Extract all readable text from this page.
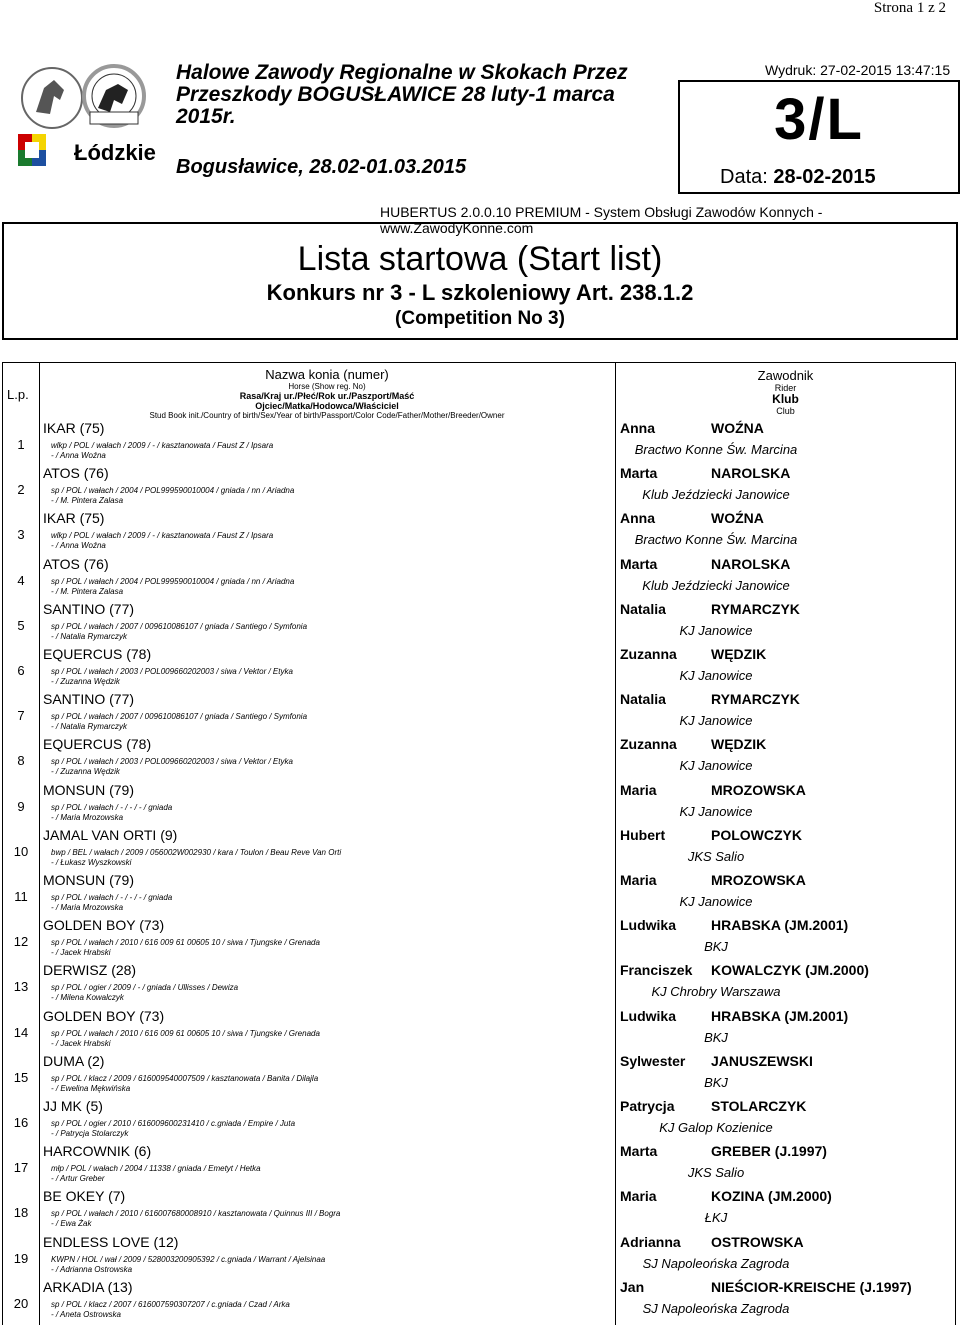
Strona 1 z 2
Łódzkie
Halowe Zawody Regionalne w Skokach Przez Przeszkody BOGUSŁAWICE 28 luty-1 marca 2015r.
Bogusławice, 28.02-01.03.2015
Wydruk: 27-02-2015 13:47:15
3/L
Data: 28-02-2015
HUBERTUS 2.0.0.10 PREMIUM - System Obsługi Zawodów Konnych - www.ZawodyKonne.com
Lista startowa (Start list)
Konkurs nr 3 - L szkoleniowy Art. 238.1.2
(Competition No 3)
L.p.
Nazwa konia (numer)
Horse (Show reg. No)
Rasa/Kraj ur./Płeć/Rok ur./Paszport/Maść
Ojciec/Matka/Hodowca/Właściciel
Stud Book init./Country of birth/Sex/Year of birth/Passport/Color Code/Father/Mother/Breeder/Owner
Zawodnik
Rider
Klub
Club
1
IKAR (75)
wlkp / POL / wałach / 2009 / - / kasztanowata / Faust Z / Ipsara
- / Anna Woźna
Anna	WOŹNA
Bractwo Konne Św. Marcina
2
ATOS (76)
sp / POL / wałach / 2004 / POL999590010004 / gniada / nn / Ariadna
- / M. Pintera Zalasa
Marta	NAROLSKA
Klub Jeździecki Janowice
3
IKAR (75)
wlkp / POL / wałach / 2009 / - / kasztanowata / Faust Z / Ipsara
- / Anna Woźna
Anna	WOŹNA
Bractwo Konne Św. Marcina
4
ATOS (76)
sp / POL / wałach / 2004 / POL999590010004 / gniada / nn / Ariadna
- / M. Pintera Zalasa
Marta	NAROLSKA
Klub Jeździecki Janowice
5
SANTINO (77)
sp / POL / wałach / 2007 / 009610086107 / gniada / Santiego / Symfonia
- / Natalia Rymarczyk
Natalia	RYMARCZYK
KJ Janowice
6
EQUERCUS (78)
sp / POL / wałach / 2003 / POL009660202003 / siwa / Vektor / Etyka
- / Zuzanna Wędzik
Zuzanna WĘDZIK
KJ Janowice
7
SANTINO (77)
sp / POL / wałach / 2007 / 009610086107 / gniada / Santiego / Symfonia
- / Natalia Rymarczyk
Natalia	RYMARCZYK
KJ Janowice
8
EQUERCUS (78)
sp / POL / wałach / 2003 / POL009660202003 / siwa / Vektor / Etyka
- / Zuzanna Wędzik
Zuzanna WĘDZIK
KJ Janowice
9
MONSUN (79)
sp / POL / wałach / - / - / - / gniada
- / Maria Mrozowska
Maria	MROZOWSKA
KJ Janowice
10
JAMAL VAN ORTI (9)
bwp / BEL / wałach / 2009 / 056002W002930 / kara / Toulon / Beau Reve Van Orti
- / Łukasz Wyszkowski
Hubert	POLOWCZYK
JKS Salio
11
MONSUN (79)
sp / POL / wałach / - / - / - / gniada
- / Maria Mrozowska
Maria	MROZOWSKA
KJ Janowice
12
GOLDEN BOY (73)
sp / POL / wałach / 2010 / 616 009 61 00605 10 / siwa / Tjungske / Grenada
- / Jacek Hrabski
Ludwika HRABSKA (JM.2001)
BKJ
13
DERWISZ (28)
sp / POL / ogier / 2009 / - / gniada / Ullisses / Dewiza
- / Milena Kowalczyk
Franciszek KOWALCZYK (JM.2000)
KJ Chrobry Warszawa
14
GOLDEN BOY (73)
sp / POL / wałach / 2010 / 616 009 61 00605 10 / siwa / Tjungske / Grenada
- / Jacek Hrabski
Ludwika HRABSKA (JM.2001)
BKJ
15
DUMA (2)
sp / POL / klacz / 2009 / 616009540007509 / kasztanowata / Banita / Dilajla
- / Ewelina Mękwińska
Sylwester JANUSZEWSKI
BKJ
16
JJ MK (5)
sp / POL / ogier / 2010 / 616009600231410 / c.gniada / Empire / Juta
- / Patrycja Stolarczyk
Patrycja	STOLARCZYK
KJ Galop Kozienice
17
HARCOWNIK (6)
młp / POL / wałach / 2004 / 11338 / gniada / Emetyt / Hetka
- / Artur Greber
Marta	GREBER (J.1997)
JKS Salio
18
BE OKEY (7)
sp / POL / wałach / 2010 / 616007680008910 / kasztanowata / Quinnus III / Bogra
- / Ewa Żak
Maria	KOZINA (JM.2000)
ŁKJ
19
ENDLESS LOVE (12)
KWPN / HOL / wał / 2009 / 528003200905392 / c.gniada / Warrant / Ajelsinaa
- / Adrianna Ostrowska
Adrianna OSTROWSKA
SJ Napoleońska Zagroda
20
ARKADIA (13)
sp / POL / klacz / 2007 / 616007590307207 / c.gniada / Czad / Arka
- / Aneta Ostrowska
Jan	NIEŚCIOR-KREISCHE (J.1997)
SJ Napoleońska Zagroda
